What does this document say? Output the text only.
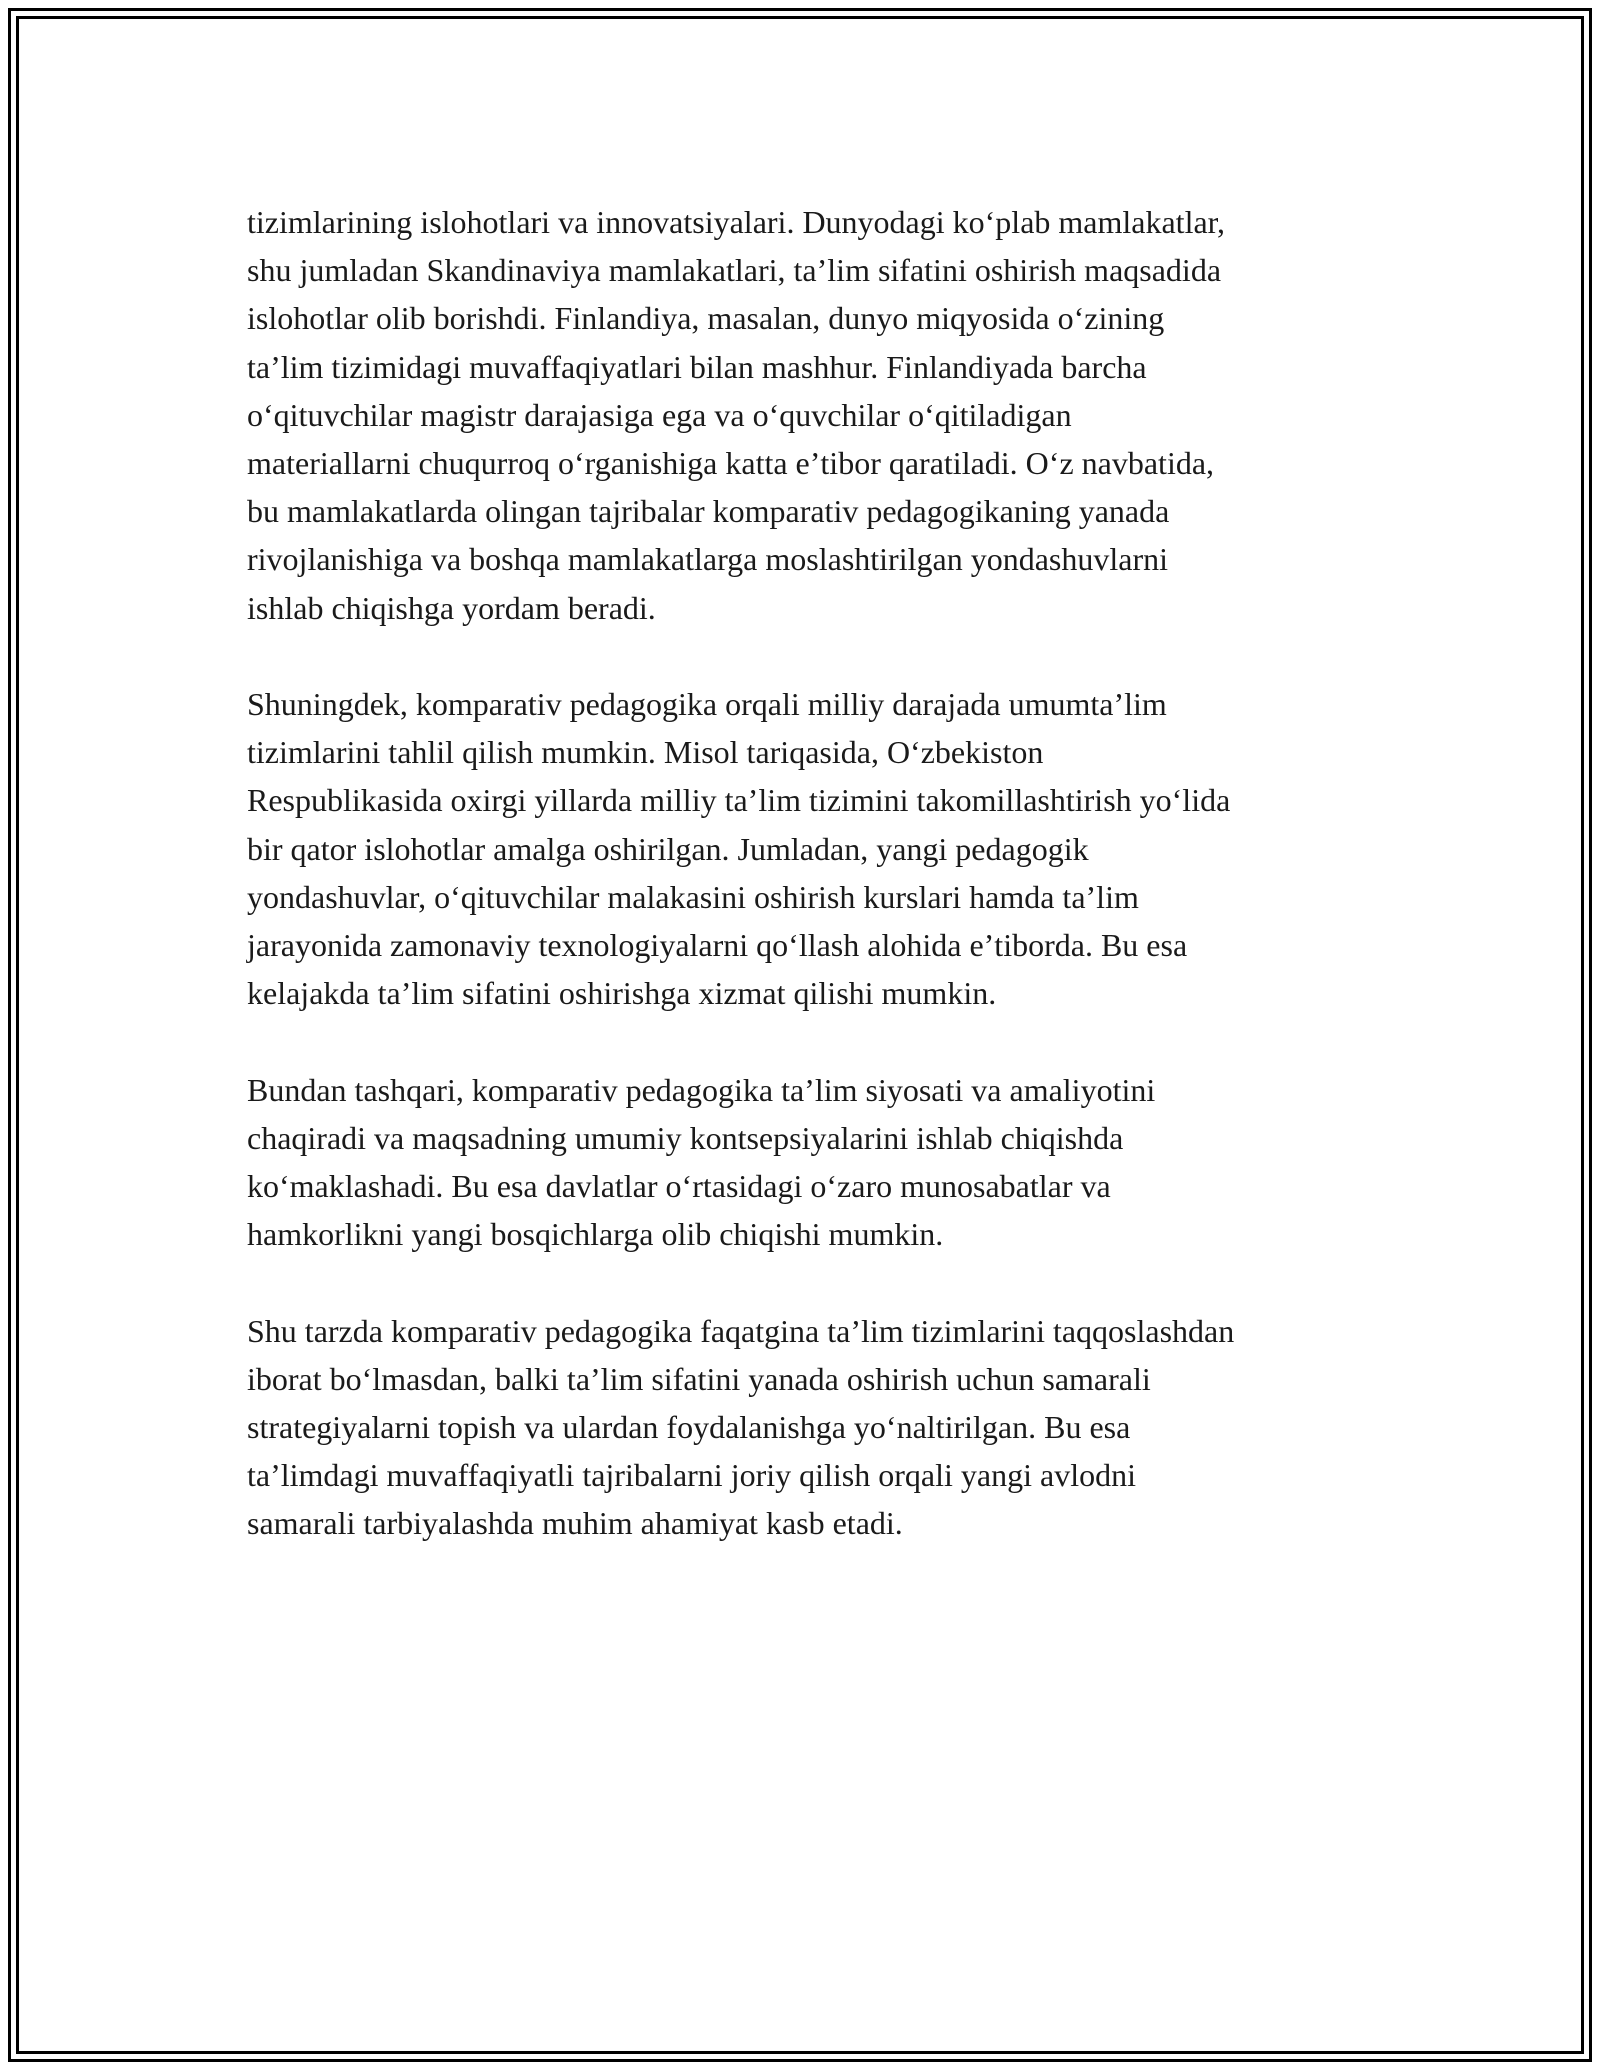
tizimlarining islohotlari va innovatsiyalari. Dunyodagi koʻplab mamlakatlar,
shu jumladan Skandinaviya mamlakatlari, taʼlim sifatini oshirish maqsadida
islohotlar olib borishdi. Finlandiya, masalan, dunyo miqyosida oʻzining
taʼlim tizimidagi muvaffaqiyatlari bilan mashhur. Finlandiyada barcha
oʻqituvchilar magistr darajasiga ega va oʻquvchilar oʻqitiladigan
materiallarni chuqurroq oʻrganishiga katta eʼtibor qaratiladi. Oʻz navbatida,
bu mamlakatlarda olingan tajribalar komparativ pedagogikaning yanada
rivojlanishiga va boshqa mamlakatlarga moslashtirilgan yondashuvlarni
ishlab chiqishga yordam beradi.

Shuningdek, komparativ pedagogika orqali milliy darajada umumtaʼlim
tizimlarini tahlil qilish mumkin. Misol tariqasida, Oʻzbekiston
Respublikasida oxirgi yillarda milliy taʼlim tizimini takomillashtirish yoʻlida
bir qator islohotlar amalga oshirilgan. Jumladan, yangi pedagogik
yondashuvlar, oʻqituvchilar malakasini oshirish kurslari hamda taʼlim
jarayonida zamonaviy texnologiyalarni qoʻllash alohida eʼtiborda. Bu esa
kelajakda taʼlim sifatini oshirishga xizmat qilishi mumkin.

Bundan tashqari, komparativ pedagogika taʼlim siyosati va amaliyotini
chaqiradi va maqsadning umumiy kontsepsiyalarini ishlab chiqishda
koʻmaklashadi. Bu esa davlatlar oʻrtasidagi oʻzaro munosabatlar va
hamkorlikni yangi bosqichlarga olib chiqishi mumkin.

Shu tarzda komparativ pedagogika faqatgina taʼlim tizimlarini taqqoslashdan
iborat boʻlmasdan, balki taʼlim sifatini yanada oshirish uchun samarali
strategiyalarni topish va ulardan foydalanishga yoʻnaltirilgan. Bu esa
taʼlimdagi muvaffaqiyatli tajribalarni joriy qilish orqali yangi avlodni
samarali tarbiyalashda muhim ahamiyat kasb etadi.
